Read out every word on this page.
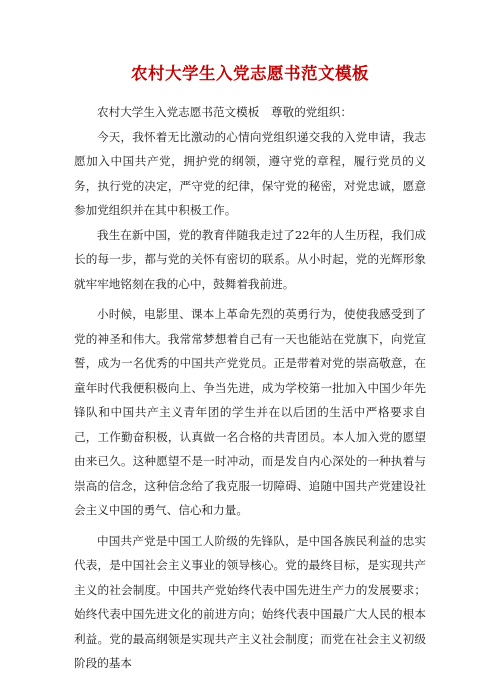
农村大学生入党志愿书范文模板

农村大学生入党志愿书范文模板　尊敬的党组织：

今天，我怀着无比激动的心情向党组织递交我的入党申请，我志愿加入中国共产党，拥护党的纲领，遵守党的章程，履行党员的义务，执行党的决定，严守党的纪律，保守党的秘密，对党忠诚，愿意参加党组织并在其中积极工作。

我生在新中国，党的教育伴随我走过了22年的人生历程，我们成长的每一步，都与党的关怀有密切的联系。从小时起，党的光辉形象就牢牢地铭刻在我的心中，鼓舞着我前进。

小时候，电影里、课本上革命先烈的英勇行为，使使我感受到了党的神圣和伟大。我常常梦想着自己有一天也能站在党旗下，向党宣誓，成为一名优秀的中国共产党党员。正是带着对党的崇高敬意，在童年时代我便积极向上、争当先进，成为学校第一批加入中国少年先锋队和中国共产主义青年团的学生并在以后团的生活中严格要求自己，工作勤奋积极，认真做一名合格的共青团员。本人加入党的愿望由来已久。这种愿望不是一时冲动，而是发自内心深处的一种执着与崇高的信念，这种信念给了我克服一切障碍、追随中国共产党建设社会主义中国的勇气、信心和力量。

中国共产党是中国工人阶级的先锋队，是中国各族民利益的忠实代表，是中国社会主义事业的领导核心。党的最终目标，是实现共产主义的社会制度。中国共产党始终代表中国先进生产力的发展要求；始终代表中国先进文化的前进方向；始终代表中国最广大人民的根本利益。党的最高纲领是实现共产主义社会制度；而党在社会主义初级阶段的基本
